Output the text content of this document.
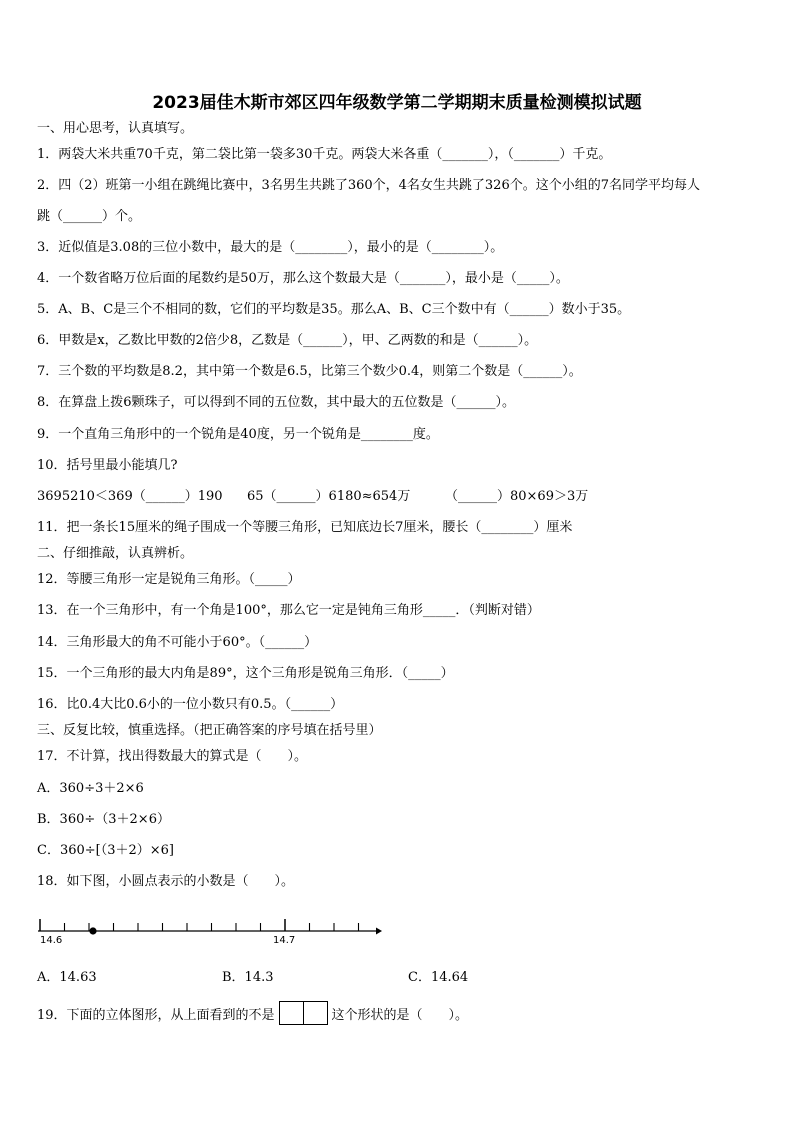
2023届佳木斯市郊区四年级数学第二学期期末质量检测模拟试题
一、用心思考，认真填写。
1．两袋大米共重70千克，第二袋比第一袋多30千克。两袋大米各重（_______），（_______）千克。
2．四（2）班第一小组在跳绳比赛中，3名男生共跳了360个，4名女生共跳了326个。这个小组的7名同学平均每人
跳（______）个。
3．近似值是3.08的三位小数中，最大的是（________），最小的是（________）。
4．一个数省略万位后面的尾数约是50万，那么这个数最大是（_______），最小是（_____）。
5．A、B、C是三个不相同的数，它们的平均数是35。那么A、B、C三个数中有（______）数小于35。
6．甲数是x，乙数比甲数的2倍少8，乙数是（______），甲、乙两数的和是（______）。
7．三个数的平均数是8.2，其中第一个数是6.5，比第三个数少0.4，则第二个数是（______）。
8．在算盘上拨6颗珠子，可以得到不同的五位数，其中最大的五位数是（______）。
9．一个直角三角形中的一个锐角是40度，另一个锐角是________度。
10．括号里最小能填几?
3695210＜369（______）190 65（______）6180≈654万	（______）80×69＞3万
11．把一条长15厘米的绳子围成一个等腰三角形，已知底边长7厘米，腰长（________）厘米
二、仔细推敲，认真辨析。
12．等腰三角形一定是锐角三角形。（_____）
13．在一个三角形中，有一个角是100°，那么它一定是钝角三角形_____．（判断对错）
14．三角形最大的角不可能小于60°。（______）
15．一个三角形的最大内角是89°，这个三角形是锐角三角形．（_____）
16．比0.4大比0.6小的一位小数只有0.5。（______）
三、反复比较，慎重选择。（把正确答案的序号填在括号里）
17．不计算，找出得数最大的算式是（　　）。
A．360÷3＋2×6
B．360÷（3＋2×6）
C．360÷[（3＋2）×6]
18．如下图，小圆点表示的小数是（　　）。
14.6	14.7
A．14.63	B．14.3	C．14.64
19．下面的立体图形，从上面看到的不是	这个形状的是（　　）。
